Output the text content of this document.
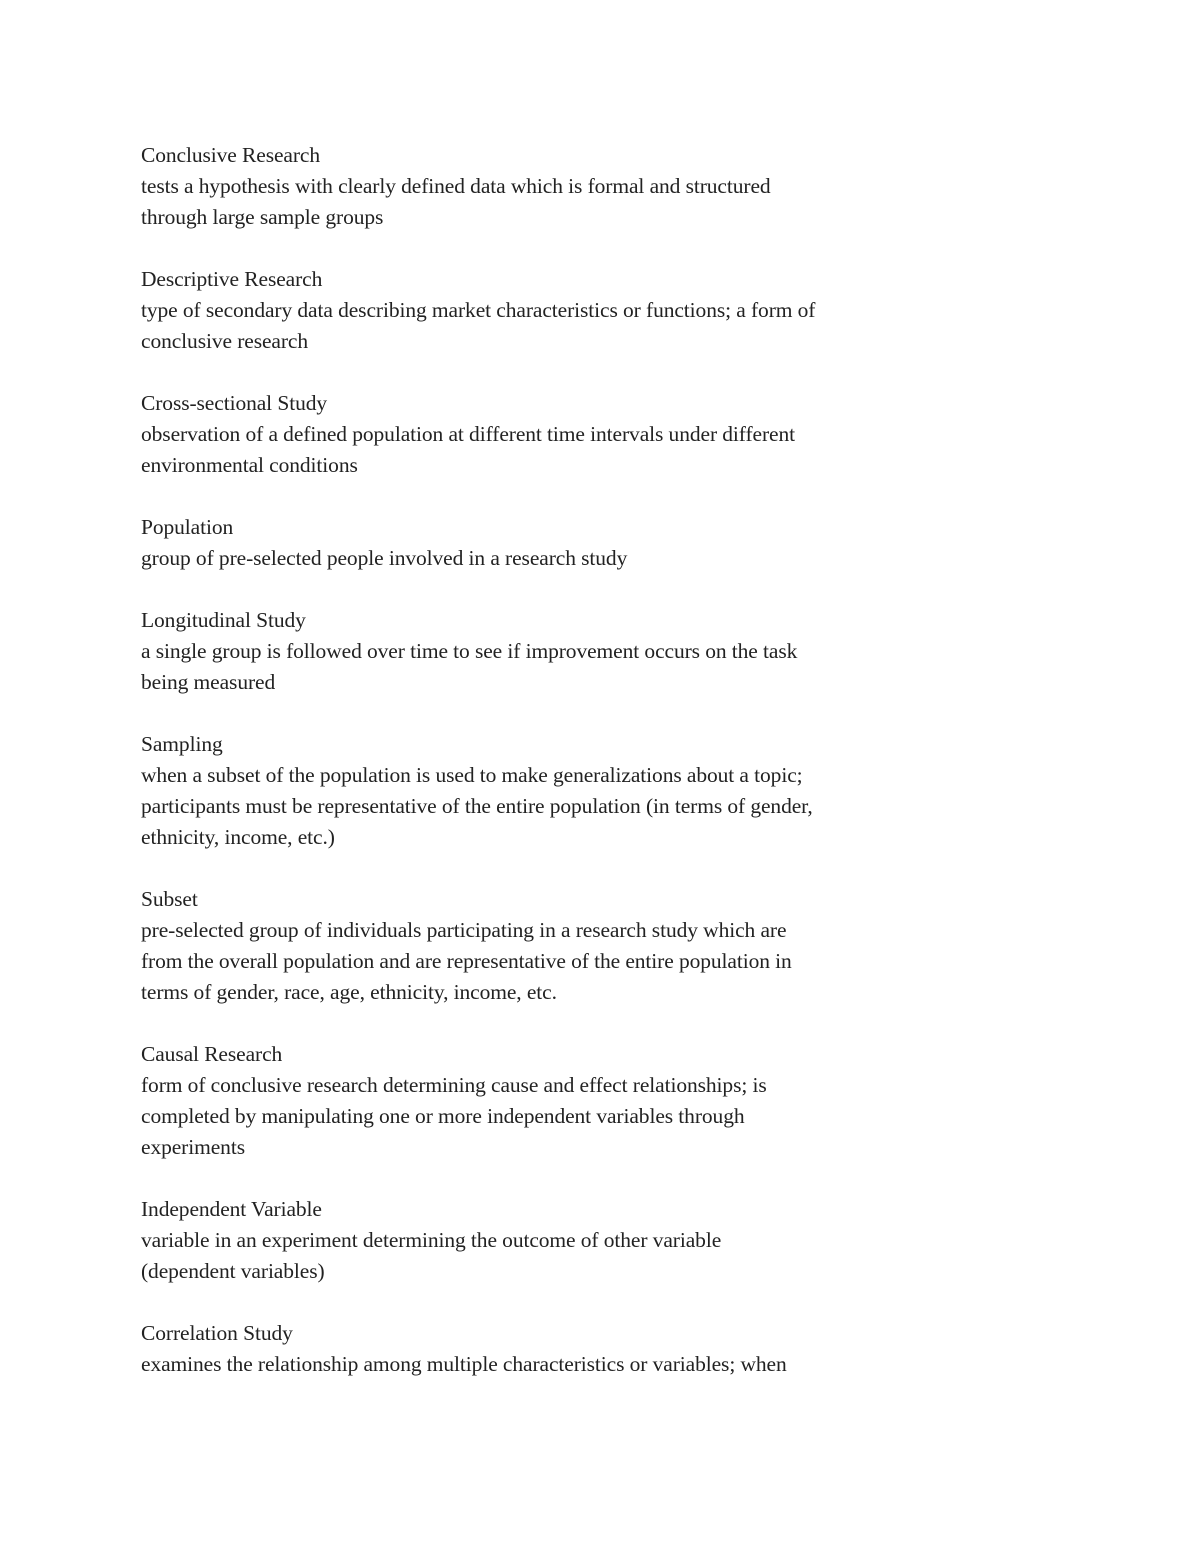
Conclusive Research
tests a hypothesis with clearly defined data which is formal and structured
through large sample groups
Descriptive Research
type of secondary data describing market characteristics or functions; a form of
conclusive research
Cross-sectional Study
observation of a defined population at different time intervals under different
environmental conditions
Population
group of pre-selected people involved in a research study
Longitudinal Study
a single group is followed over time to see if improvement occurs on the task
being measured
Sampling
when a subset of the population is used to make generalizations about a topic;
participants must be representative of the entire population (in terms of gender,
ethnicity, income, etc.)
Subset
pre-selected group of individuals participating in a research study which are
from the overall population and are representative of the entire population in
terms of gender, race, age, ethnicity, income, etc.
Causal Research
form of conclusive research determining cause and effect relationships; is
completed by manipulating one or more independent variables through
experiments
Independent Variable
variable in an experiment determining the outcome of other variable
(dependent variables)
Correlation Study
examines the relationship among multiple characteristics or variables; when
